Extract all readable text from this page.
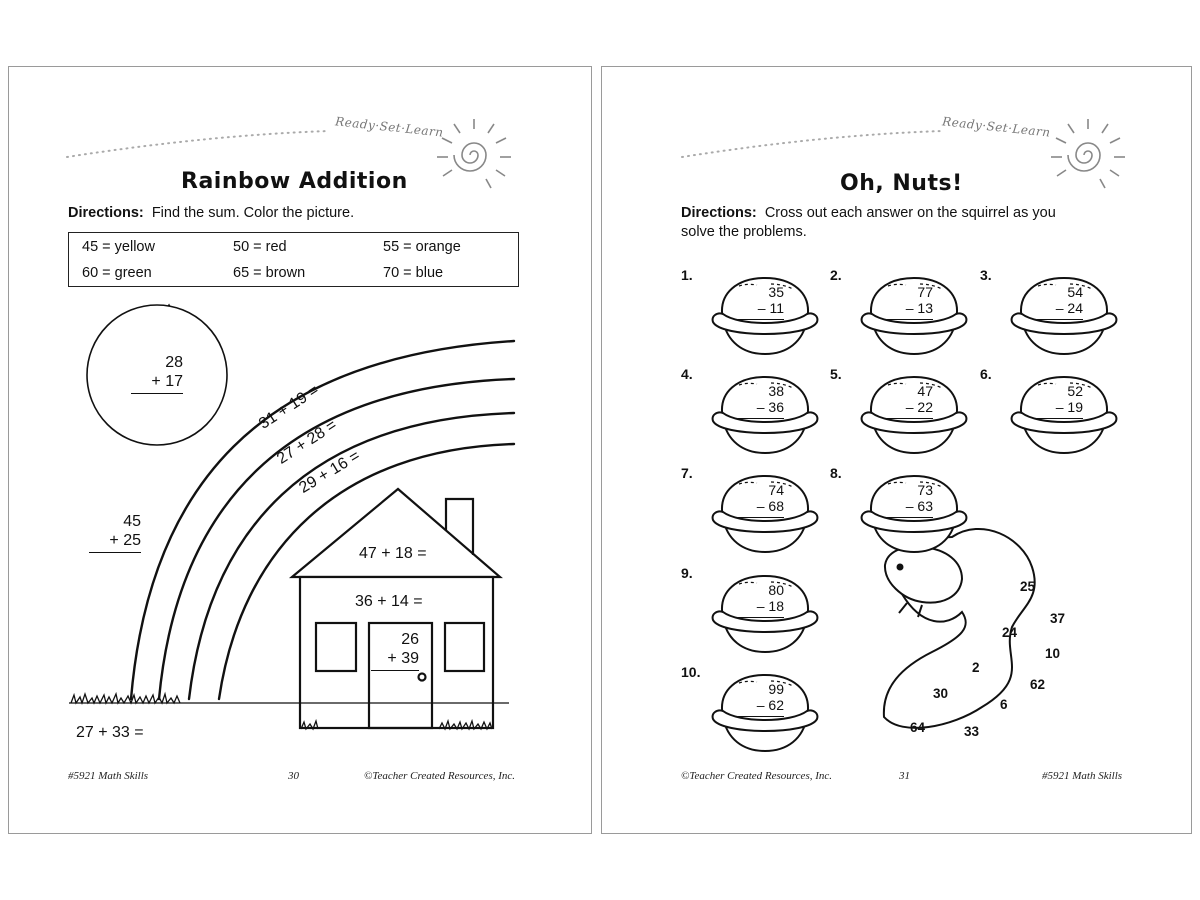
Ready·Set·Learn
Rainbow Addition
Directions: Find the sum. Color the picture.
45 = yellow	50 = red	55 = orange
60 = green	65 = brown	70 = blue
28
+ 17
31 + 19 =
27 + 28 =
29 + 16 =
45
+ 25
47 + 18 =
36 + 14 =
26
+ 39
27 + 33 =
#5921 Math Skills	30	©Teacher Created Resources, Inc.
Ready·Set·Learn
Oh, Nuts!
Directions: Cross out each answer on the squirrel as you
solve the problems.
1.
35
– 11
2.
77
– 13
3.
54
– 24
4.
38
– 36
5.
47
– 22
6.
52
– 19
7.
74
– 68
8.
73
– 63
9.
80
– 18
10.
99
– 62
25
37
24
10
2
62
30
6
64	33
©Teacher Created Resources, Inc.	31	#5921 Math Skills
